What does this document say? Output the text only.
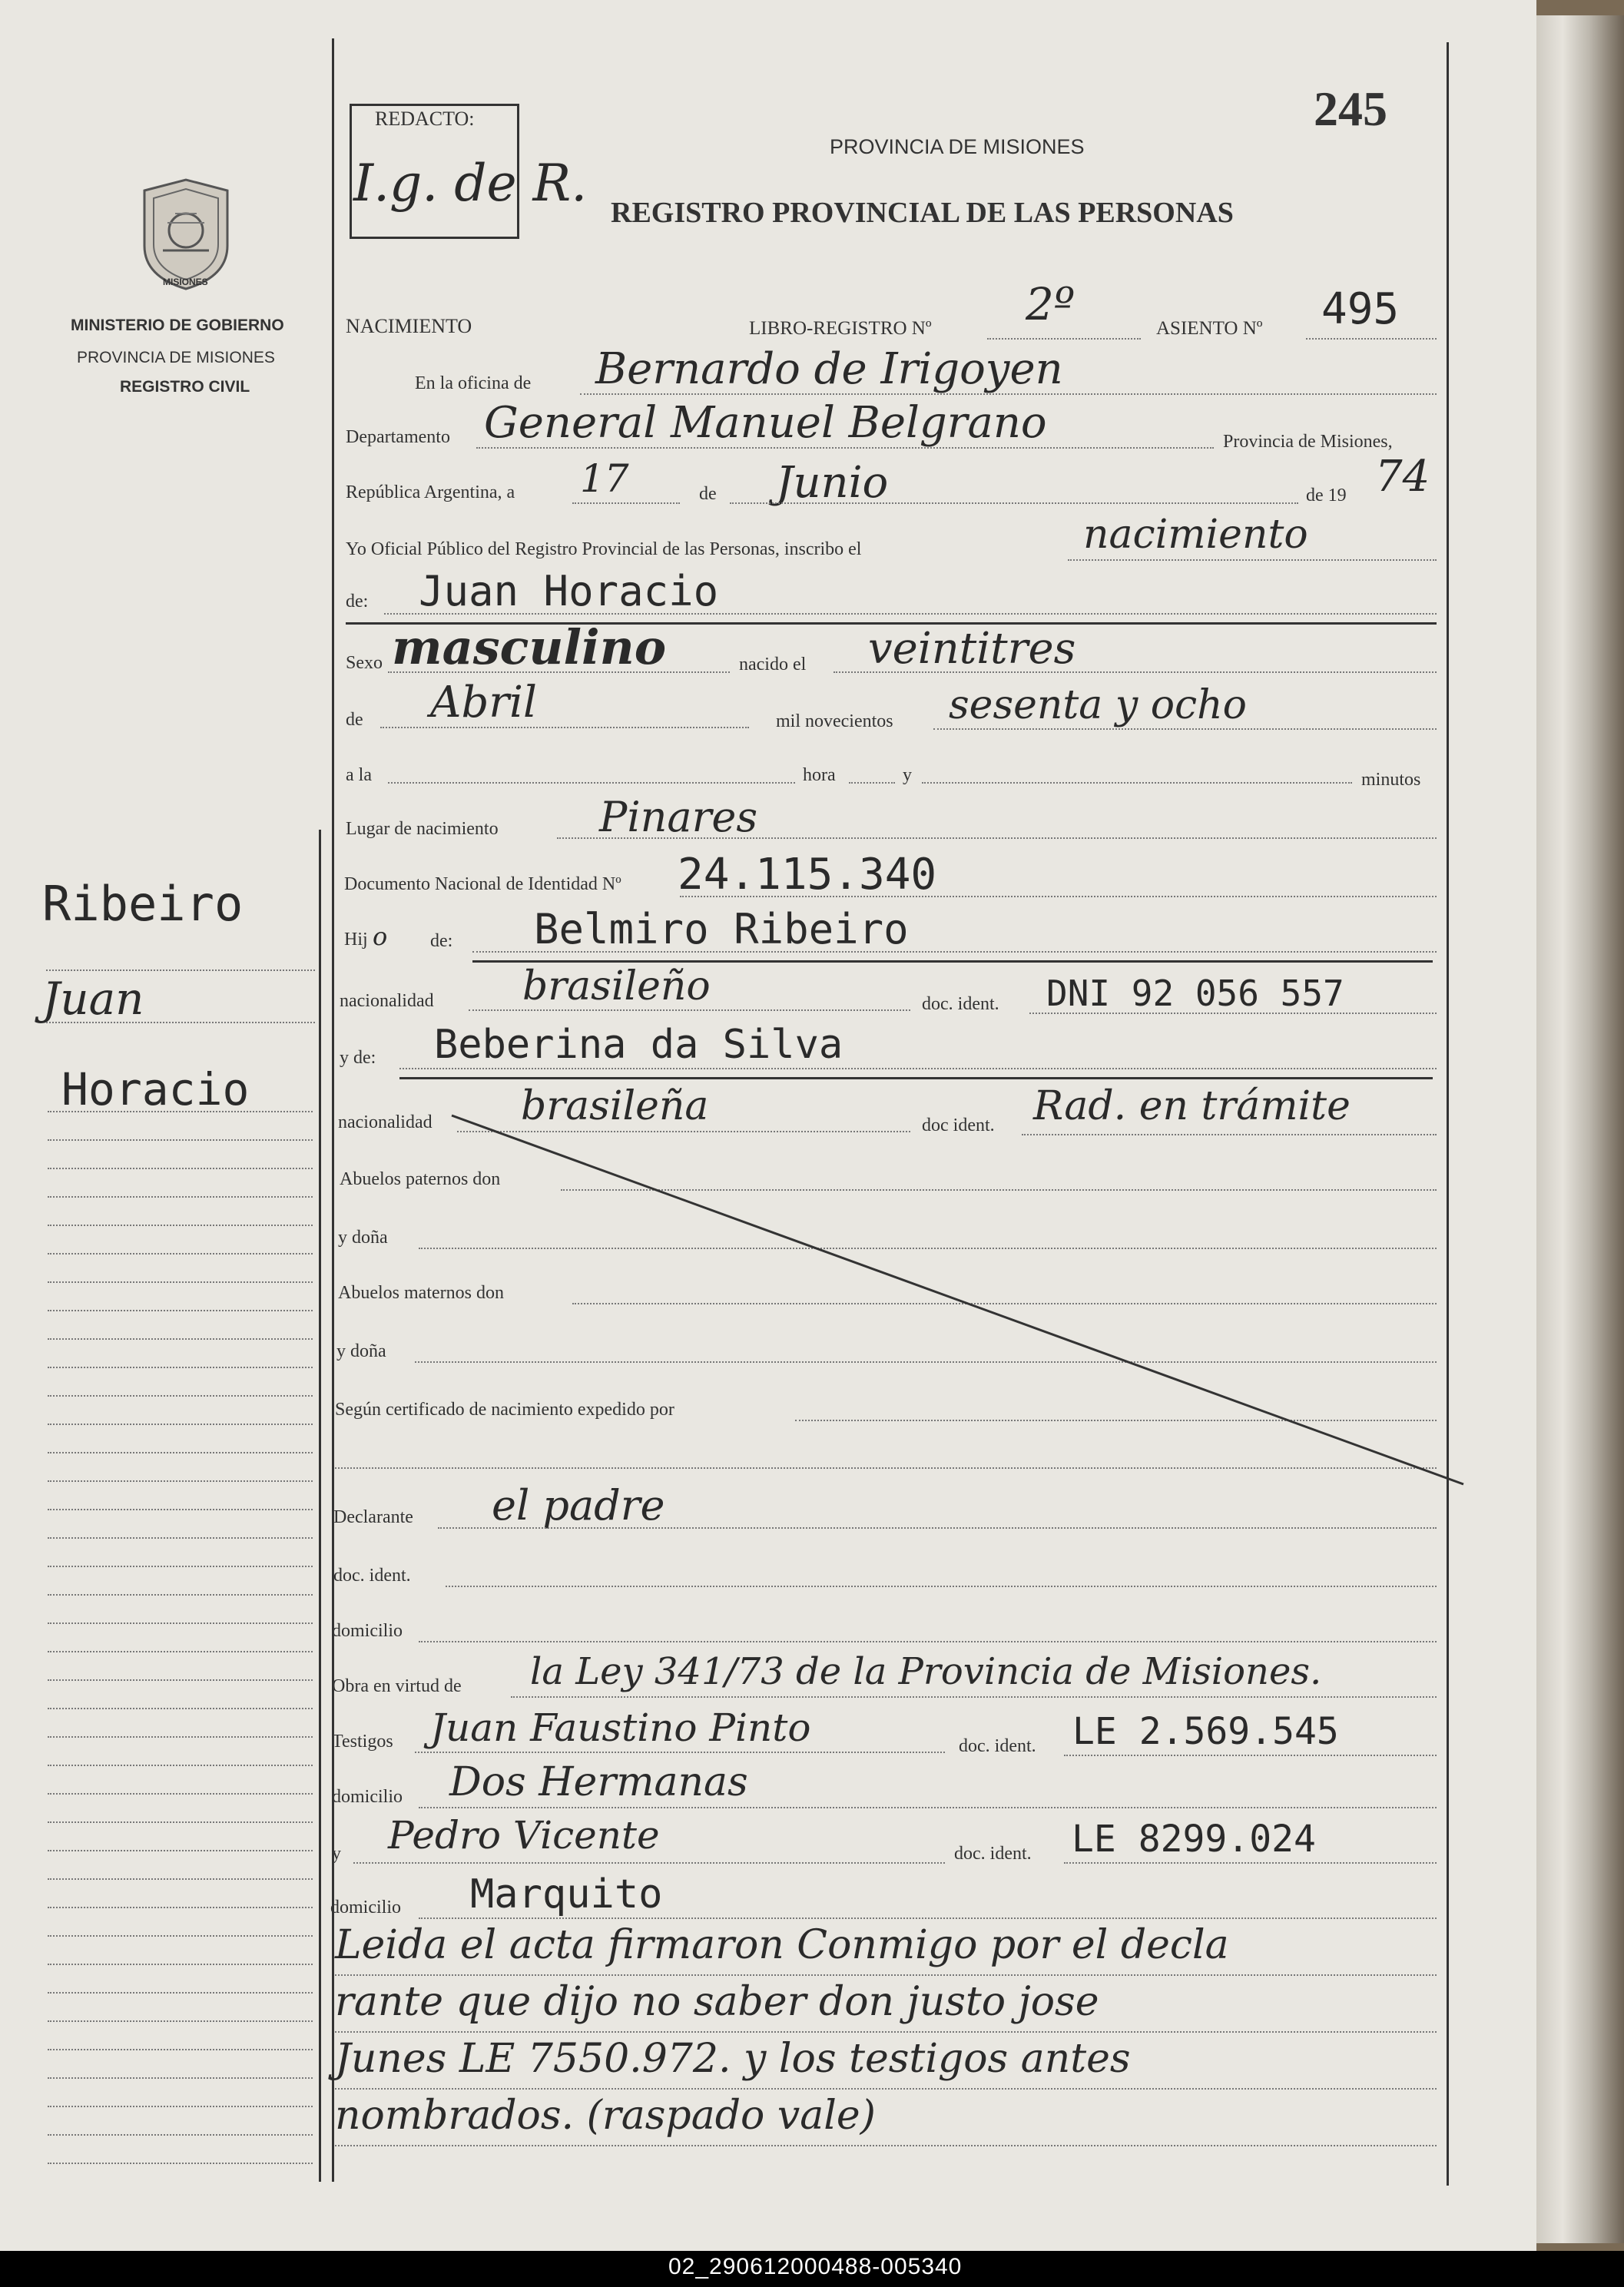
245
REDACTO:
I.g. de R.
MISIONES
MINISTERIO DE GOBIERNO
PROVINCIA DE MISIONES
REGISTRO CIVIL
PROVINCIA DE MISIONES
REGISTRO PROVINCIAL DE LAS PERSONAS
NACIMIENTO	LIBRO-REGISTRO Nº 2º	ASIENTO Nº 495
En la oficina de Bernardo de Irigoyen
Departamento General Manuel Belgrano	Provincia de Misiones,
República Argentina, a 17	de Junio	de 19 74
Yo Oficial Público del Registro Provincial de las Personas, inscribo el	nacimiento
de: Juan Horacio
Sexo masculino	nacido el veintitres
de Abril	mil novecientos sesenta y ocho
a la	hora	y	minutos
Lugar de nacimiento Pinares
Documento Nacional de Identidad Nº 24.115.340
Hij o de: Belmiro Ribeiro
nacionalidad brasileño	doc. ident. DNI 92 056 557
y de: Beberina da Silva
nacionalidad brasileña	doc ident. Rad. en trámite
Abuelos paternos don
y doña
Abuelos maternos don
y doña
Según certificado de nacimiento expedido por
Declarante el padre
doc. ident.
domicilio
Obra en virtud de la Ley 341/73 de la Provincia de Misiones.
Testigos Juan Faustino Pinto	doc. ident. LE 2.569.545
domicilio Dos Hermanas
y Pedro Vicente	doc. ident. LE 8299.024
domicilio Marquito
Leida el acta firmaron Conmigo por el decla
rante que dijo no saber don justo jose
Junes LE 7550.972. y los testigos antes
nombrados. (raspado vale)
Ribeiro
Juan
Horacio
02_290612000488-005340
